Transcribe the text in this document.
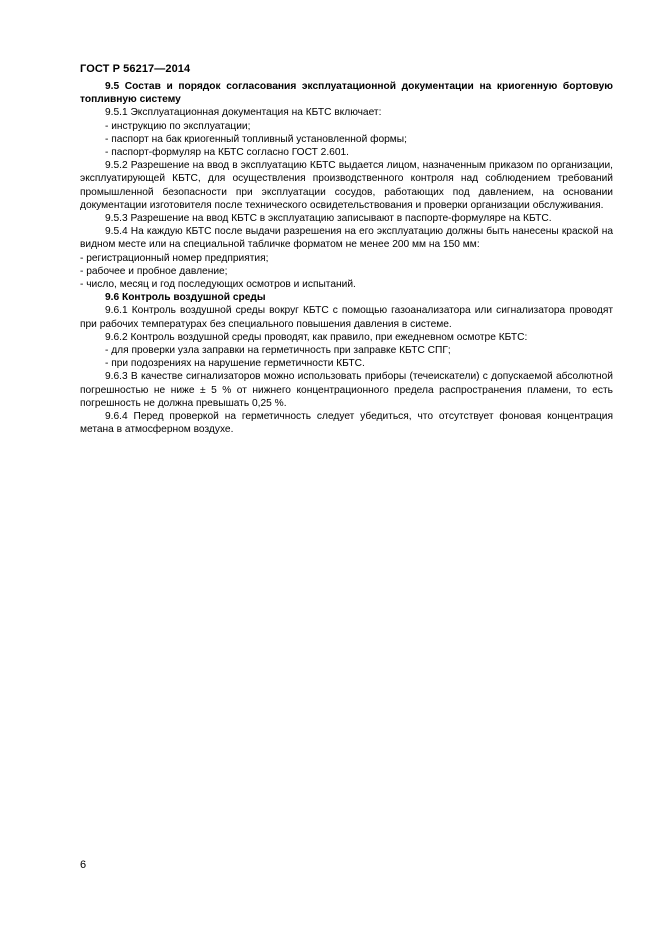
ГОСТ Р 56217—2014

9.5 Состав и порядок согласования эксплуатационной документации на криогенную бортовую топливную систему

9.5.1 Эксплуатационная документация на КБТС включает:

- инструкцию по эксплуатации;

- паспорт на бак криогенный топливный установленной формы;

- паспорт-формуляр на КБТС согласно ГОСТ 2.601.

9.5.2 Разрешение на ввод в эксплуатацию КБТС выдается лицом, назначенным приказом по организации, эксплуатирующей КБТС, для осуществления производственного контроля над соблюдением требований промышленной безопасности при эксплуатации сосудов, работающих под давлением, на основании документации изготовителя после технического освидетельствования и проверки организации обслуживания.

9.5.3 Разрешение на ввод КБТС в эксплуатацию записывают в паспорте-формуляре на КБТС.

9.5.4 На каждую КБТС после выдачи разрешения на его эксплуатацию должны быть нанесены краской на видном месте или на специальной табличке форматом не менее 200 мм на 150 мм:

- регистрационный номер предприятия;

- рабочее и пробное давление;

- число, месяц и год последующих осмотров и испытаний.

9.6 Контроль воздушной среды

9.6.1 Контроль воздушной среды вокруг КБТС с помощью газоанализатора или сигнализатора проводят при рабочих температурах без специального повышения давления в системе.

9.6.2 Контроль воздушной среды проводят, как правило, при ежедневном осмотре КБТС:

- для проверки узла заправки на герметичность при заправке КБТС СПГ;

- при подозрениях на нарушение герметичности КБТС.

9.6.3 В качестве сигнализаторов можно использовать приборы (течеискатели) с допускаемой абсолютной погрешностью не ниже ± 5 % от нижнего концентрационного предела распространения пламени, то есть погрешность не должна превышать 0,25 %.

9.6.4 Перед проверкой на герметичность следует убедиться, что отсутствует фоновая концентрация метана в атмосферном воздухе.

6
